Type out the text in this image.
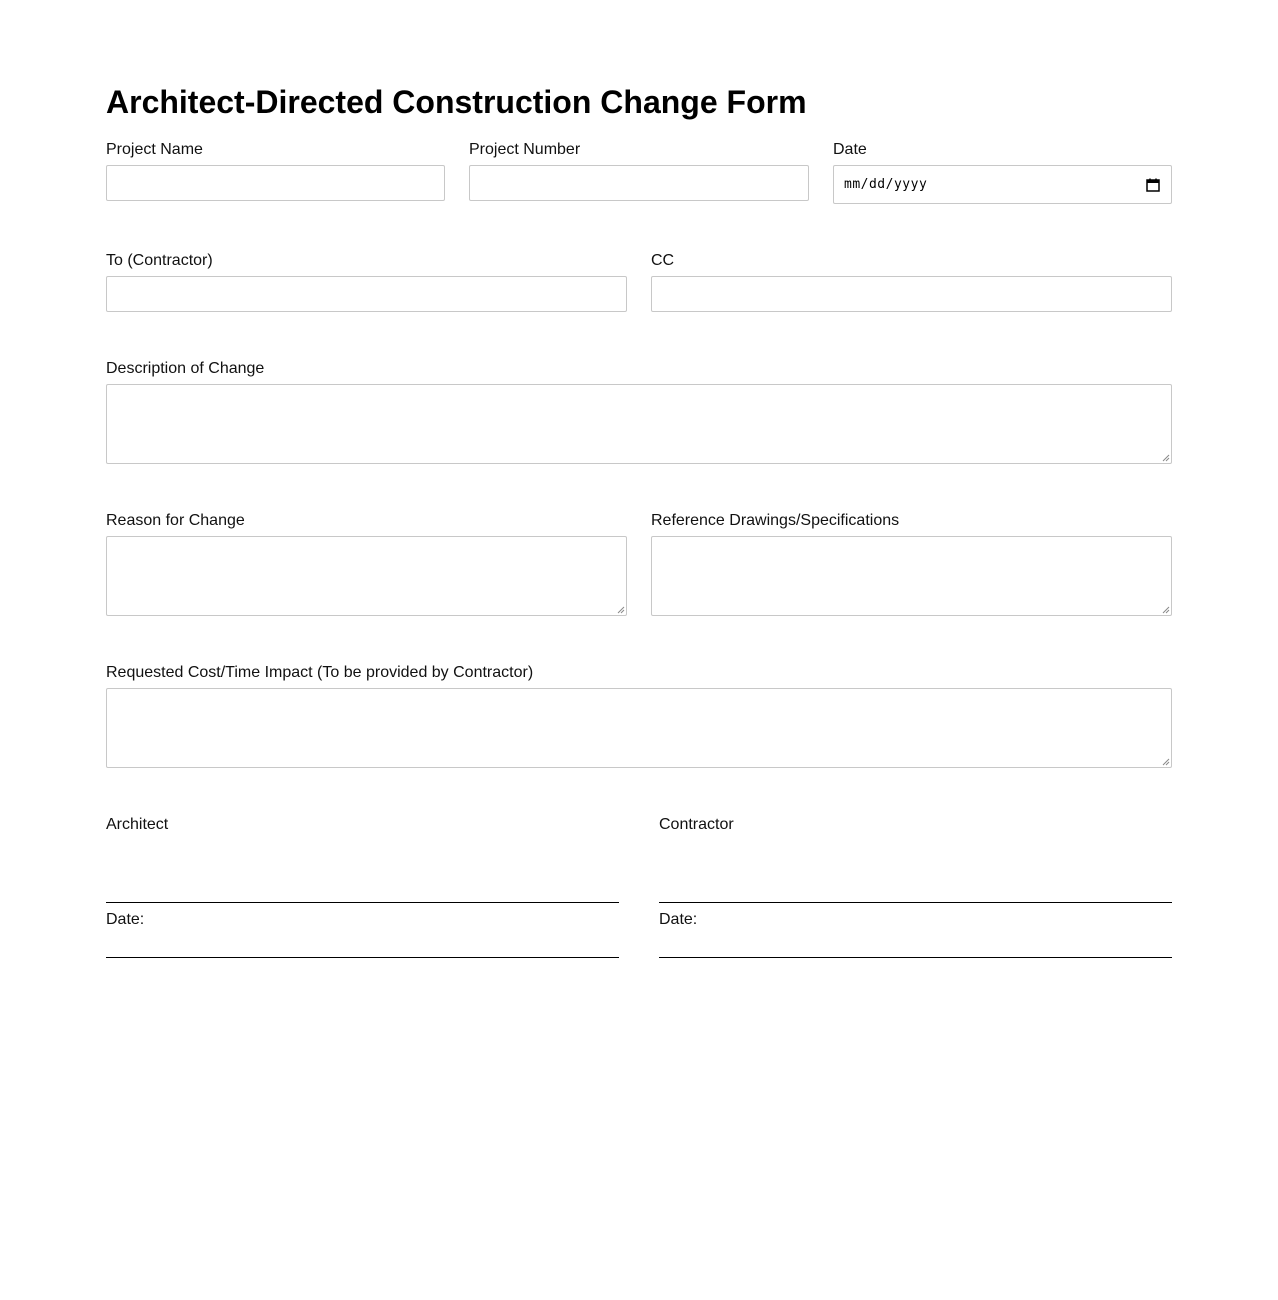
Architect-Directed Construction Change Form
Project Name	Project Number	Date
mm/dd/yyyy
To (Contractor)	CC
Description of Change
Reason for Change	Reference Drawings/Specifications
Requested Cost/Time Impact (To be provided by Contractor)
Architect
Date:
Contractor
Date:
